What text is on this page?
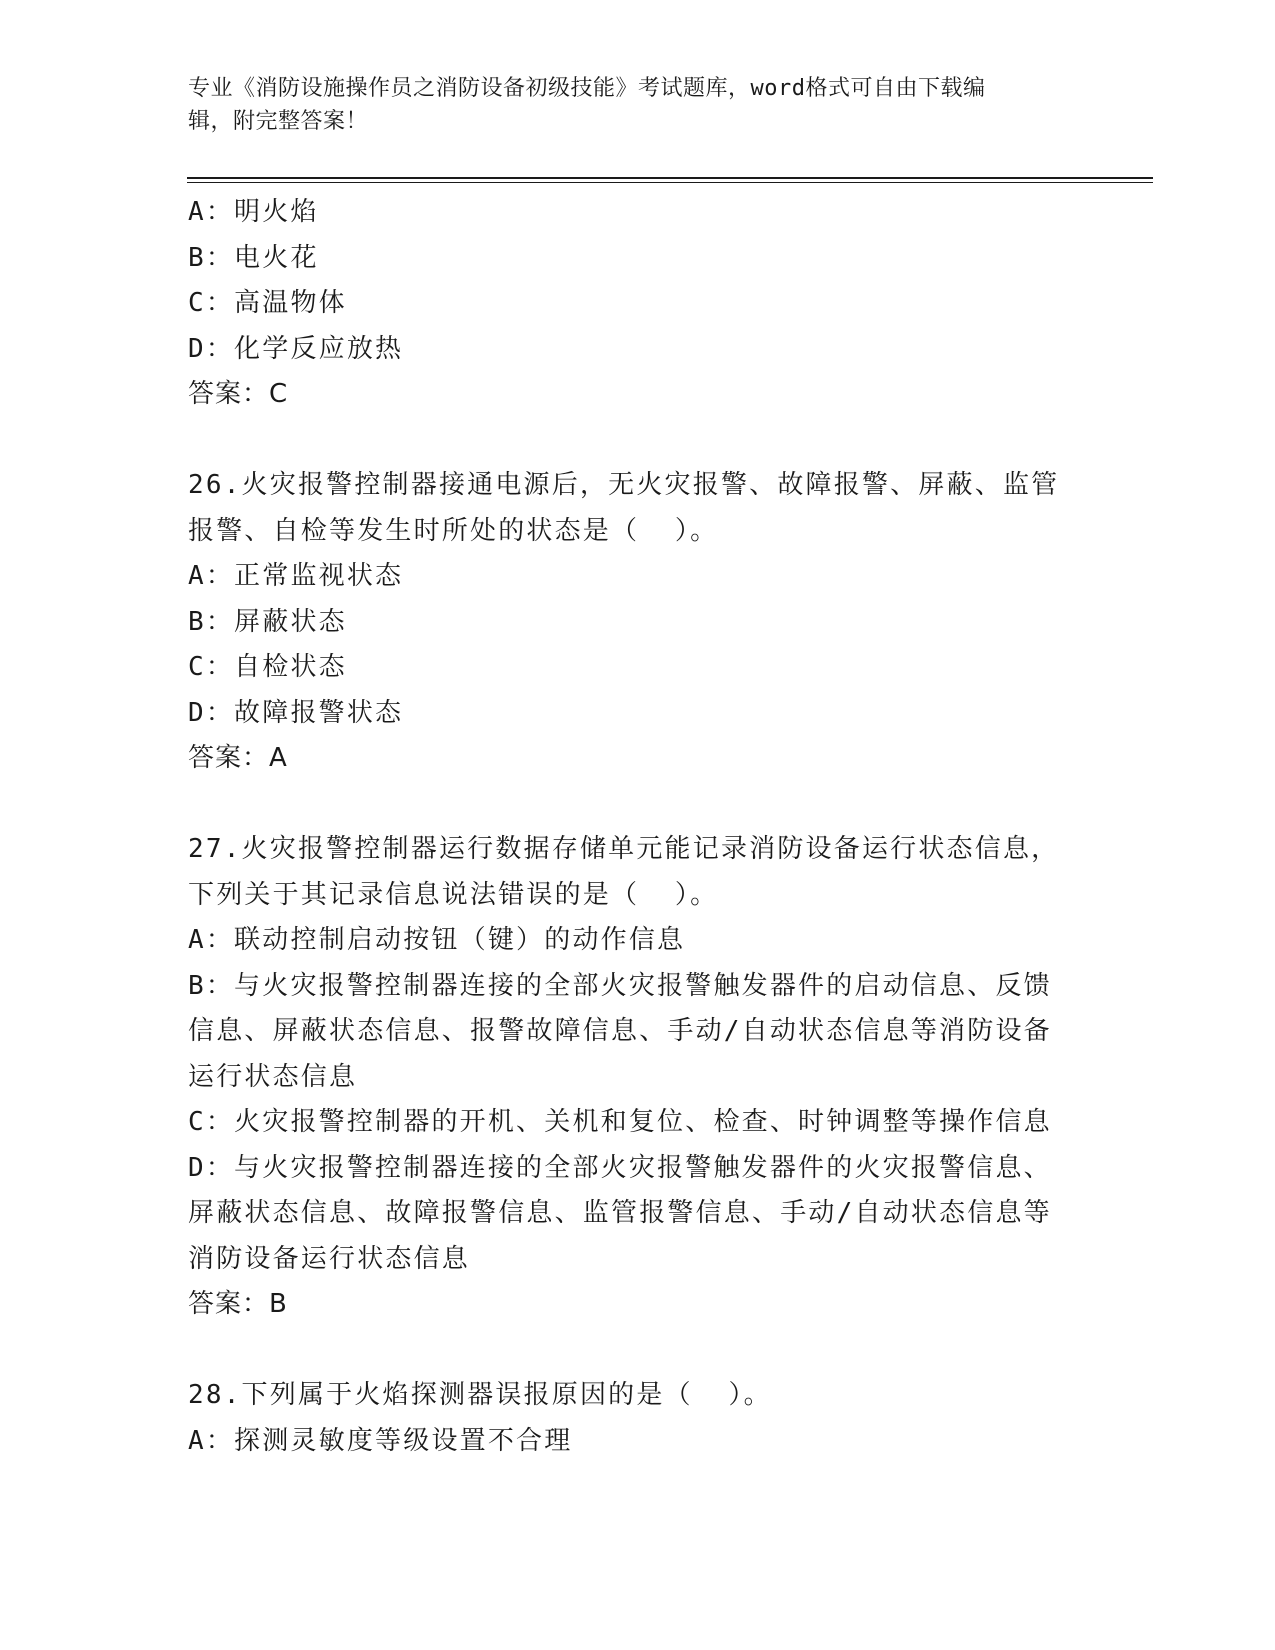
专业《消防设施操作员之消防设备初级技能》考试题库，word格式可自由下载编
辑，附完整答案！
A：明火焰
B：电火花
C：高温物体
D：化学反应放热
答案：C
26.火灾报警控制器接通电源后，无火灾报警、故障报警、屏蔽、监管
报警、自检等发生时所处的状态是（  ）。
A：正常监视状态
B：屏蔽状态
C：自检状态
D：故障报警状态
答案：A
27.火灾报警控制器运行数据存储单元能记录消防设备运行状态信息，
下列关于其记录信息说法错误的是（  ）。
A：联动控制启动按钮（键）的动作信息
B：与火灾报警控制器连接的全部火灾报警触发器件的启动信息、反馈
信息、屏蔽状态信息、报警故障信息、手动/自动状态信息等消防设备
运行状态信息
C：火灾报警控制器的开机、关机和复位、检查、时钟调整等操作信息
D：与火灾报警控制器连接的全部火灾报警触发器件的火灾报警信息、
屏蔽状态信息、故障报警信息、监管报警信息、手动/自动状态信息等
消防设备运行状态信息
答案：B
28.下列属于火焰探测器误报原因的是（  ）。
A：探测灵敏度等级设置不合理
